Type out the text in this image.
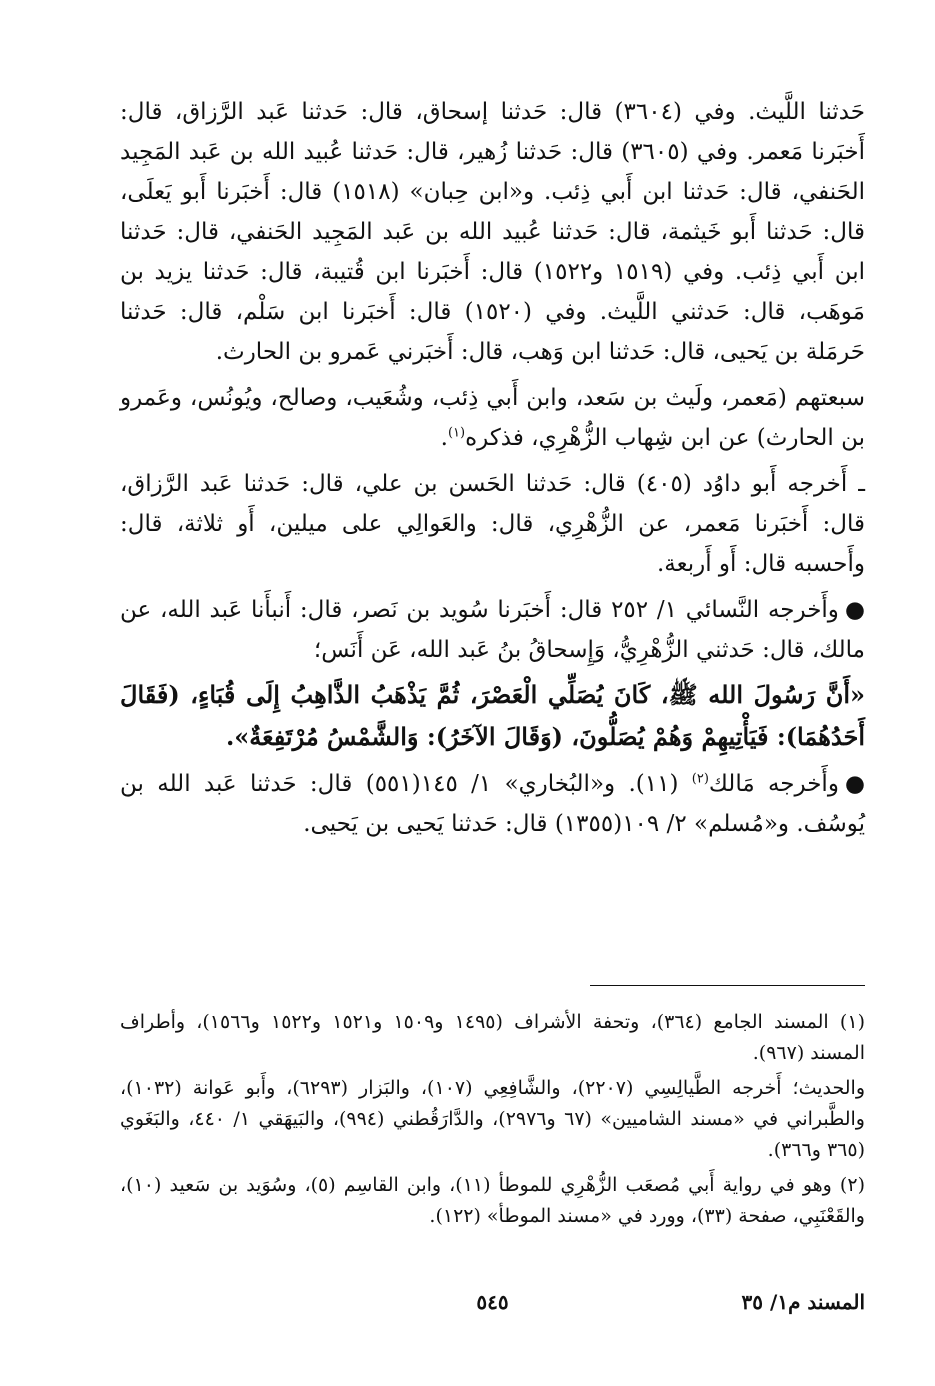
حَدثنا اللَّيث. وفي (٣٦٠٤) قال: حَدثنا إسحاق، قال: حَدثنا عَبد الرَّزاق، قال: أَخبَرنا مَعمر. وفي (٣٦٠٥) قال: حَدثنا زُهير، قال: حَدثنا عُبيد الله بن عَبد المَجِيد الحَنفي، قال: حَدثنا ابن أَبي ذِئب. و«ابن حِبان» (١٥١٨) قال: أَخبَرنا أَبو يَعلَى، قال: حَدثنا أَبو خَيثمة، قال: حَدثنا عُبيد الله بن عَبد المَجِيد الحَنفي، قال: حَدثنا ابن أَبي ذِئب. وفي (١٥١٩ و١٥٢٢) قال: أَخبَرنا ابن قُتيبة، قال: حَدثنا يزيد بن مَوهَب، قال: حَدثني اللَّيث. وفي (١٥٢٠) قال: أَخبَرنا ابن سَلْم، قال: حَدثنا حَرمَلة بن يَحيى، قال: حَدثنا ابن وَهب، قال: أَخبَرني عَمرو بن الحارث.

سبعتهم (مَعمر، ولَيث بن سَعد، وابن أَبي ذِئب، وشُعَيب، وصالح، ويُونُس، وعَمرو بن الحارث) عن ابن شِهاب الزُّهْرِي، فذكره$^{(١)}$.

ـ أَخرجه أَبو داوُد (٤٠٥) قال: حَدثنا الحَسن بن علي، قال: حَدثنا عَبد الرَّزاق، قال: أَخبَرنا مَعمر، عن الزُّهْرِي، قال: والعَوالِي على ميلين، أَو ثلاثة، قال: وأَحسبه قال: أَو أَربعة.

●وأَخرجه النَّسائي ١/ ٢٥٢ قال: أَخبَرنا سُويد بن نَصر، قال: أَنبأَنا عَبد الله، عن مالك، قال: حَدثني الزُّهْرِيُّ، وَإِسحاقُ بنُ عَبد الله، عَن أَنَس؛

«أَنَّ رَسُولَ الله ﷺ، كَانَ يُصَلِّي الْعَصْرَ، ثُمَّ يَذْهَبُ الذَّاهِبُ إِلَى قُبَاءٍ، (فَقَالَ أَحَدُهُمَا): فَيَأْتِيهِمْ وَهُمْ يُصَلُّونَ، (وَقَالَ الآخَرُ): وَالشَّمْسُ مُرْتَفِعَةٌ».

●وأَخرجه مَالك$^{(٢)}$ (١١). و«البُخاري» ١/ ١٤٥(٥٥١) قال: حَدثنا عَبد الله بن يُوسُف. و«مُسلم» ٢/ ١٠٩(١٣٥٥) قال: حَدثنا يَحيى بن يَحيى.

(١) المسند الجامع (٣٦٤)، وتحفة الأشراف (١٤٩٥ و١٥٠٩ و١٥٢١ و١٥٢٢ و١٥٦٦)، وأطراف المسند (٩٦٧).

والحديث؛ أَخرجه الطَّيالِسِي (٢٢٠٧)، والشَّافِعِي (١٠٧)، والبَزار (٦٢٩٣)، وأَبو عَوانة (١٠٣٢)، والطَّبراني في «مسند الشاميين» (٦٧ و٢٩٧٦)، والدَّارَقُطني (٩٩٤)، والبَيهَقي ١/ ٤٤٠، والبَغَوي (٣٦٥ و٣٦٦).

(٢) وهو في رواية أَبي مُصعَب الزُّهْرِي للموطأ (١١)، وابن القاسِم (٥)، وسُوَيد بن سَعيد (١٠)، والقَعْنَبِي، صفحة (٣٣)، وورد في «مسند الموطأ» (١٢٢).

المسند م١/ ٣٥
٥٤٥
